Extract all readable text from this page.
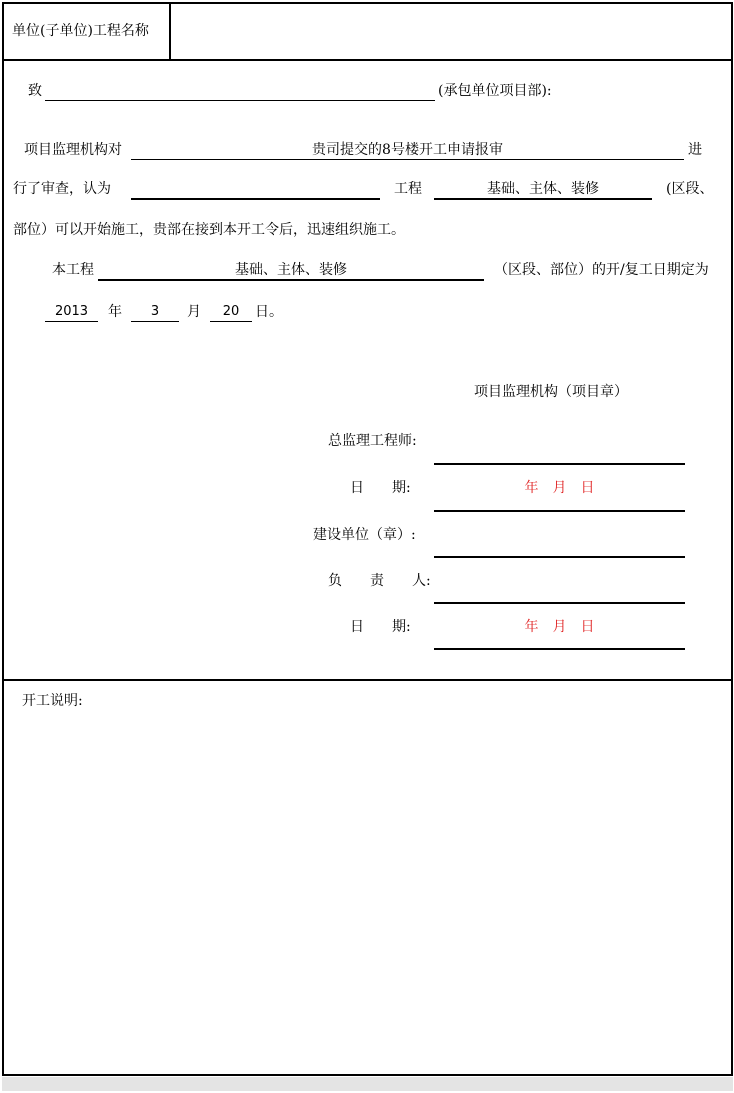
单位(子单位)工程名称
致	(承包单位项目部):
项目监理机构对	贵司提交的8号楼开工申请报审	进
行了审查，认为	工程	基础、主体、装修	(区段、
部位）可以开始施工，贵部在接到本开工令后，迅速组织施工。
本工程	基础、主体、装修	（区段、部位）的开/复工日期定为
2013	年	3	月	20	日。
项目监理机构（项目章）
总监理工程师:
日　　期:	年　月　日
建设单位（章）:
负　　责　　人:
日　　期:	年　月　日
开工说明:
